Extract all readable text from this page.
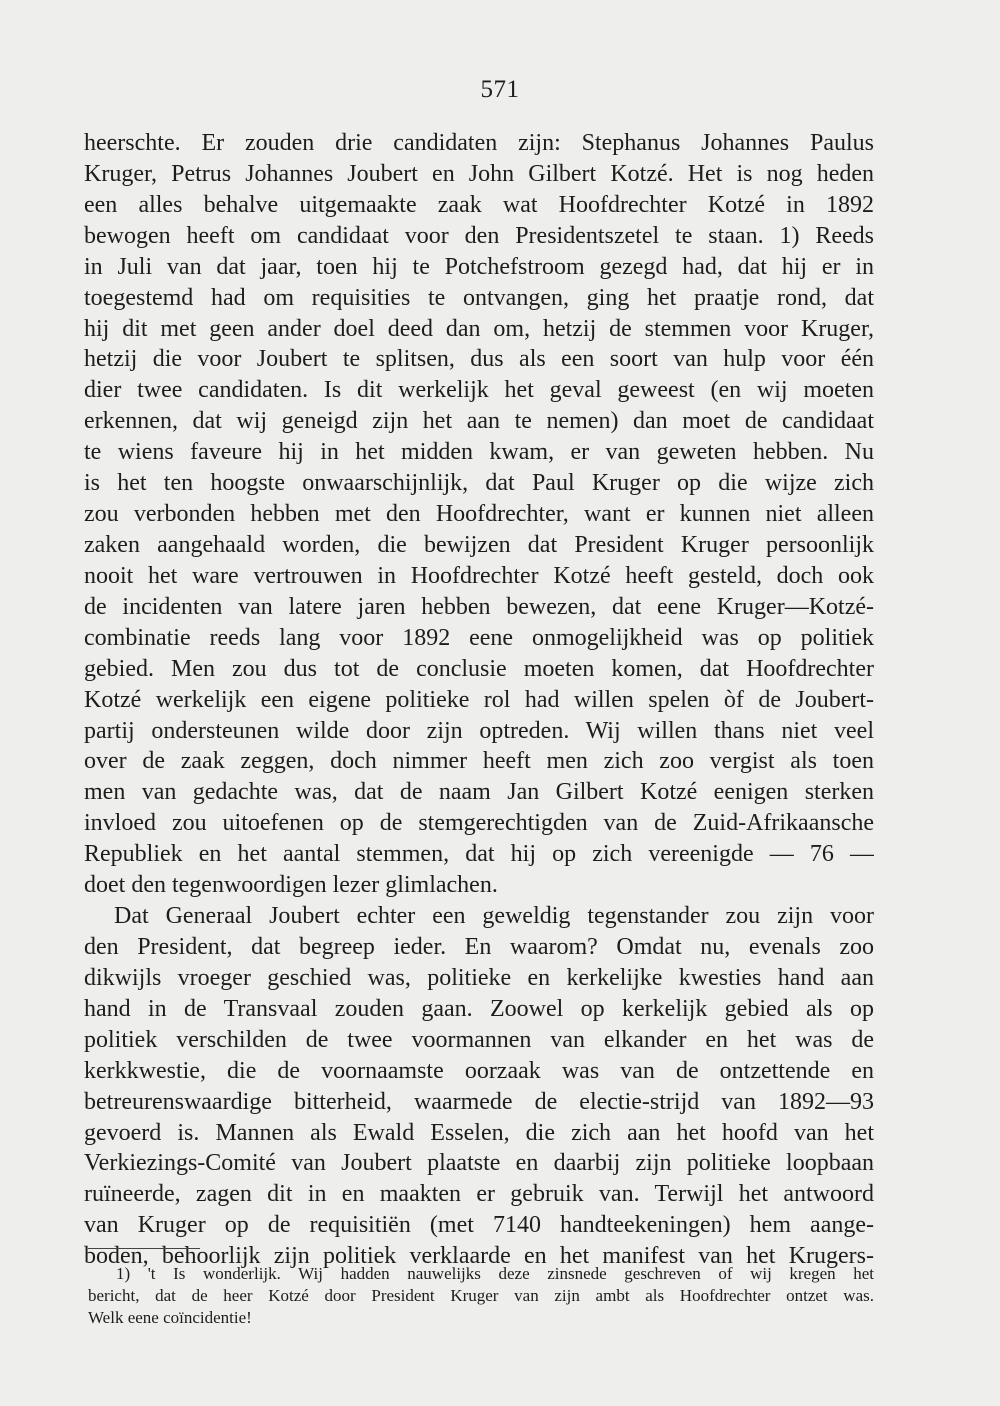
571
heerschte. Er zouden drie candidaten zijn: Stephanus Johannes Paulus
Kruger, Petrus Johannes Joubert en John Gilbert Kotzé. Het is nog heden
een alles behalve uitgemaakte zaak wat Hoofdrechter Kotzé in 1892
bewogen heeft om candidaat voor den Presidentszetel te staan. 1) Reeds
in Juli van dat jaar, toen hij te Potchefstroom gezegd had, dat hij er in
toegestemd had om requisities te ontvangen, ging het praatje rond, dat
hij dit met geen ander doel deed dan om, hetzij de stemmen voor Kruger,
hetzij die voor Joubert te splitsen, dus als een soort van hulp voor één
dier twee candidaten. Is dit werkelijk het geval geweest (en wij moeten
erkennen, dat wij geneigd zijn het aan te nemen) dan moet de candidaat
te wiens faveure hij in het midden kwam, er van geweten hebben. Nu
is het ten hoogste onwaarschijnlijk, dat Paul Kruger op die wijze zich
zou verbonden hebben met den Hoofdrechter, want er kunnen niet alleen
zaken aangehaald worden, die bewijzen dat President Kruger persoonlijk
nooit het ware vertrouwen in Hoofdrechter Kotzé heeft gesteld, doch ook
de incidenten van latere jaren hebben bewezen, dat eene Kruger—Kotzé-
combinatie reeds lang voor 1892 eene onmogelijkheid was op politiek
gebied. Men zou dus tot de conclusie moeten komen, dat Hoofdrechter
Kotzé werkelijk een eigene politieke rol had willen spelen òf de Joubert-
partij ondersteunen wilde door zijn optreden. Wij willen thans niet veel
over de zaak zeggen, doch nimmer heeft men zich zoo vergist als toen
men van gedachte was, dat de naam Jan Gilbert Kotzé eenigen sterken
invloed zou uitoefenen op de stemgerechtigden van de Zuid-Afrikaansche
Republiek en het aantal stemmen, dat hij op zich vereenigde — 76 —
doet den tegenwoordigen lezer glimlachen.
Dat Generaal Joubert echter een geweldig tegenstander zou zijn voor
den President, dat begreep ieder. En waarom? Omdat nu, evenals zoo
dikwijls vroeger geschied was, politieke en kerkelijke kwesties hand aan
hand in de Transvaal zouden gaan. Zoowel op kerkelijk gebied als op
politiek verschilden de twee voormannen van elkander en het was de
kerkkwestie, die de voornaamste oorzaak was van de ontzettende en
betreurenswaardige bitterheid, waarmede de electie-strijd van 1892—93
gevoerd is. Mannen als Ewald Esselen, die zich aan het hoofd van het
Verkiezings-Comité van Joubert plaatste en daarbij zijn politieke loopbaan
ruïneerde, zagen dit in en maakten er gebruik van. Terwijl het antwoord
van Kruger op de requisitiën (met 7140 handteekeningen) hem aange-
boden, behoorlijk zijn politiek verklaarde en het manifest van het Krugers-
1) 't Is wonderlijk. Wij hadden nauwelijks deze zinsnede geschreven of wij kregen het
bericht, dat de heer Kotzé door President Kruger van zijn ambt als Hoofdrechter ontzet was.
Welk eene coïncidentie!
